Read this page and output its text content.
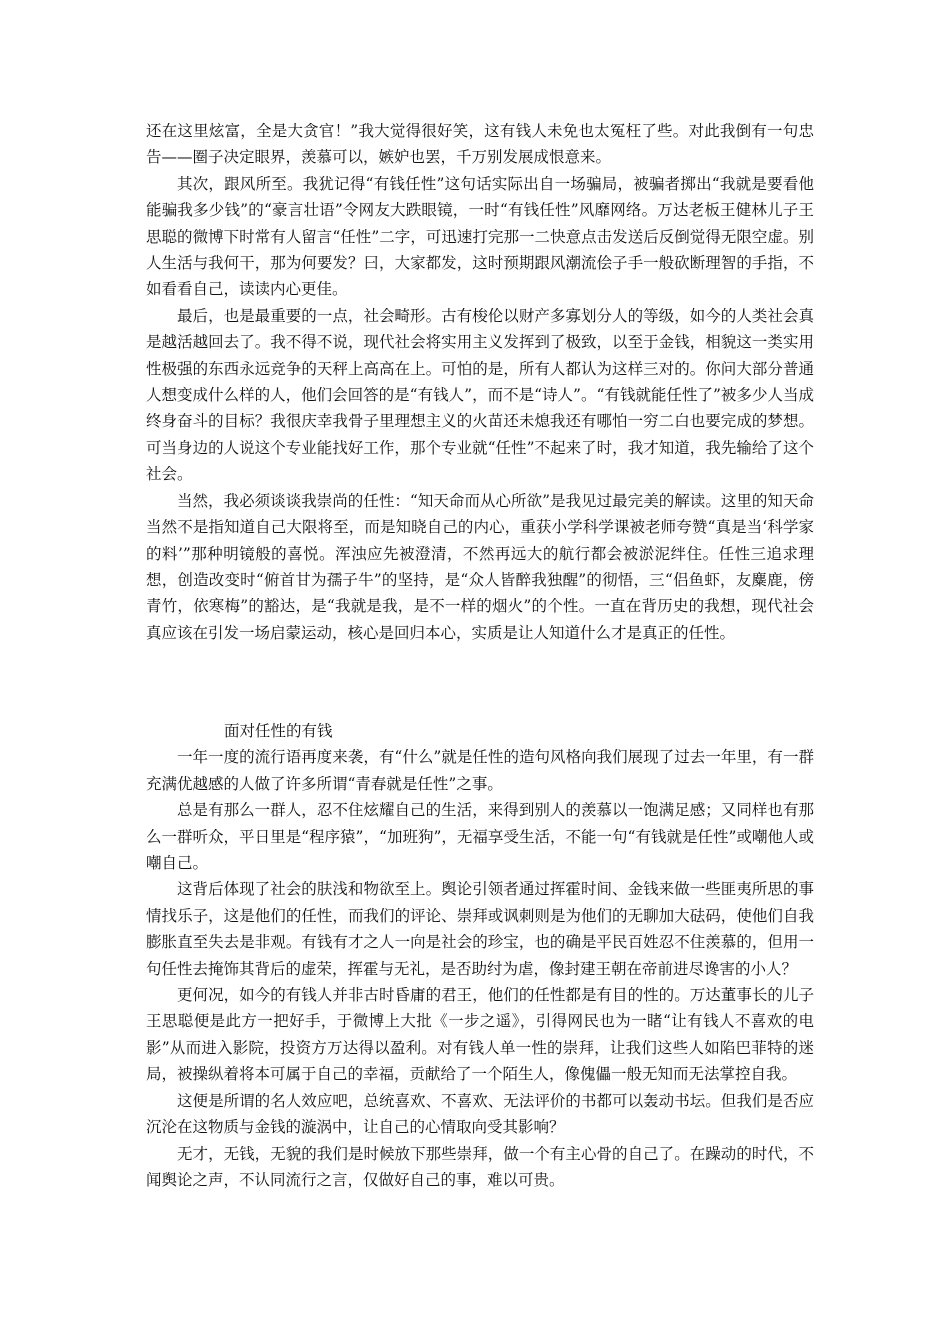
还在这里炫富，全是大贪官！”我大觉得很好笑，这有钱人未免也太冤枉了些。对此我倒有一句忠告——圈子决定眼界，羡慕可以，嫉妒也罢，千万别发展成恨意来。

其次，跟风所至。我犹记得“有钱任性”这句话实际出自一场骗局，被骗者掷出“我就是要看他能骗我多少钱”的“豪言壮语”令网友大跌眼镜，一时“有钱任性”风靡网络。万达老板王健林儿子王思聪的微博下时常有人留言“任性”二字，可迅速打完那一二快意点击发送后反倒觉得无限空虚。别人生活与我何干，那为何要发？曰，大家都发，这时预期跟风潮流侩子手一般砍断理智的手指，不如看看自己，读读内心更佳。

最后，也是最重要的一点，社会畸形。古有梭伦以财产多寡划分人的等级，如今的人类社会真是越活越回去了。我不得不说，现代社会将实用主义发挥到了极致，以至于金钱，相貌这一类实用性极强的东西永远竞争的天秤上高高在上。可怕的是，所有人都认为这样三对的。你问大部分普通人想变成什么样的人，他们会回答的是“有钱人”，而不是“诗人”。“有钱就能任性了”被多少人当成终身奋斗的目标？我很庆幸我骨子里理想主义的火苗还未熄我还有哪怕一穷二白也要完成的梦想。可当身边的人说这个专业能找好工作，那个专业就“任性”不起来了时，我才知道，我先输给了这个社会。

当然，我必须谈谈我崇尚的任性：“知天命而从心所欲”是我见过最完美的解读。这里的知天命当然不是指知道自己大限将至，而是知晓自己的内心，重获小学科学课被老师夸赞“真是当‘科学家的料’”那种明镜般的喜悦。浑浊应先被澄清，不然再远大的航行都会被淤泥绊住。任性三追求理想，创造改变时“俯首甘为孺子牛”的坚持，是“众人皆醉我独醒”的彻悟，三“侣鱼虾，友麋鹿，傍青竹，依寒梅”的豁达，是“我就是我，是不一样的烟火”的个性。一直在背历史的我想，现代社会真应该在引发一场启蒙运动，核心是回归本心，实质是让人知道什么才是真正的任性。

面对任性的有钱

一年一度的流行语再度来袭，有“什么”就是任性的造句风格向我们展现了过去一年里，有一群充满优越感的人做了许多所谓“青春就是任性”之事。

总是有那么一群人，忍不住炫耀自己的生活，来得到别人的羡慕以一饱满足感；又同样也有那么一群听众，平日里是“程序猿”，“加班狗”，无福享受生活，不能一句“有钱就是任性”或嘲他人或嘲自己。

这背后体现了社会的肤浅和物欲至上。舆论引领者通过挥霍时间、金钱来做一些匪夷所思的事情找乐子，这是他们的任性，而我们的评论、崇拜或讽刺则是为他们的无聊加大砝码，使他们自我膨胀直至失去是非观。有钱有才之人一向是社会的珍宝，也的确是平民百姓忍不住羡慕的，但用一句任性去掩饰其背后的虚荣，挥霍与无礼，是否助纣为虐，像封建王朝在帝前进尽谗害的小人？

更何况，如今的有钱人并非古时昏庸的君王，他们的任性都是有目的性的。万达董事长的儿子王思聪便是此方一把好手，于微博上大批《一步之遥》，引得网民也为一睹“让有钱人不喜欢的电影”从而进入影院，投资方万达得以盈利。对有钱人单一性的崇拜，让我们这些人如陷巴菲特的迷局，被操纵着将本可属于自己的幸福，贡献给了一个陌生人，像傀儡一般无知而无法掌控自我。

这便是所谓的名人效应吧，总统喜欢、不喜欢、无法评价的书都可以轰动书坛。但我们是否应沉沦在这物质与金钱的漩涡中，让自己的心情取向受其影响？

无才，无钱，无貌的我们是时候放下那些崇拜，做一个有主心骨的自己了。在躁动的时代，不闻舆论之声，不认同流行之言，仅做好自己的事，难以可贵。
